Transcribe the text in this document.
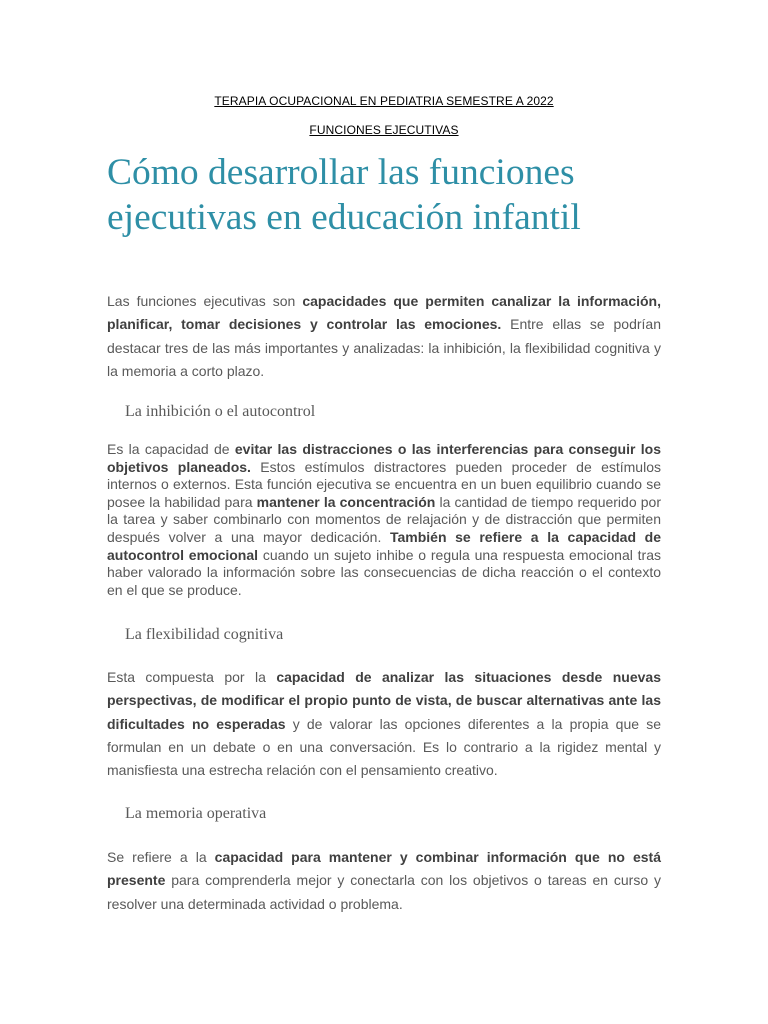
TERAPIA OCUPACIONAL EN PEDIATRIA SEMESTRE A 2022
FUNCIONES EJECUTIVAS
Cómo desarrollar las funciones ejecutivas en educación infantil

Las funciones ejecutivas son capacidades que permiten canalizar la información, planificar, tomar decisiones y controlar las emociones. Entre ellas se podrían destacar tres de las más importantes y analizadas: la inhibición, la flexibilidad cognitiva y la memoria a corto plazo.

La inhibición o el autocontrol

Es la capacidad de evitar las distracciones o las interferencias para conseguir los objetivos planeados. Estos estímulos distractores pueden proceder de estímulos internos o externos. Esta función ejecutiva se encuentra en un buen equilibrio cuando se posee la habilidad para mantener la concentración la cantidad de tiempo requerido por la tarea y saber combinarlo con momentos de relajación y de distracción que permiten después volver a una mayor dedicación. También se refiere a la capacidad de autocontrol emocional cuando un sujeto inhibe o regula una respuesta emocional tras haber valorado la información sobre las consecuencias de dicha reacción o el contexto en el que se produce.

La flexibilidad cognitiva

Esta compuesta por la capacidad de analizar las situaciones desde nuevas perspectivas, de modificar el propio punto de vista, de buscar alternativas ante las dificultades no esperadas y de valorar las opciones diferentes a la propia que se formulan en un debate o en una conversación. Es lo contrario a la rigidez mental y manisfiesta una estrecha relación con el pensamiento creativo.

La memoria operativa

Se refiere a la capacidad para mantener y combinar información que no está presente para comprenderla mejor y conectarla con los objetivos o tareas en curso y resolver una determinada actividad o problema.
